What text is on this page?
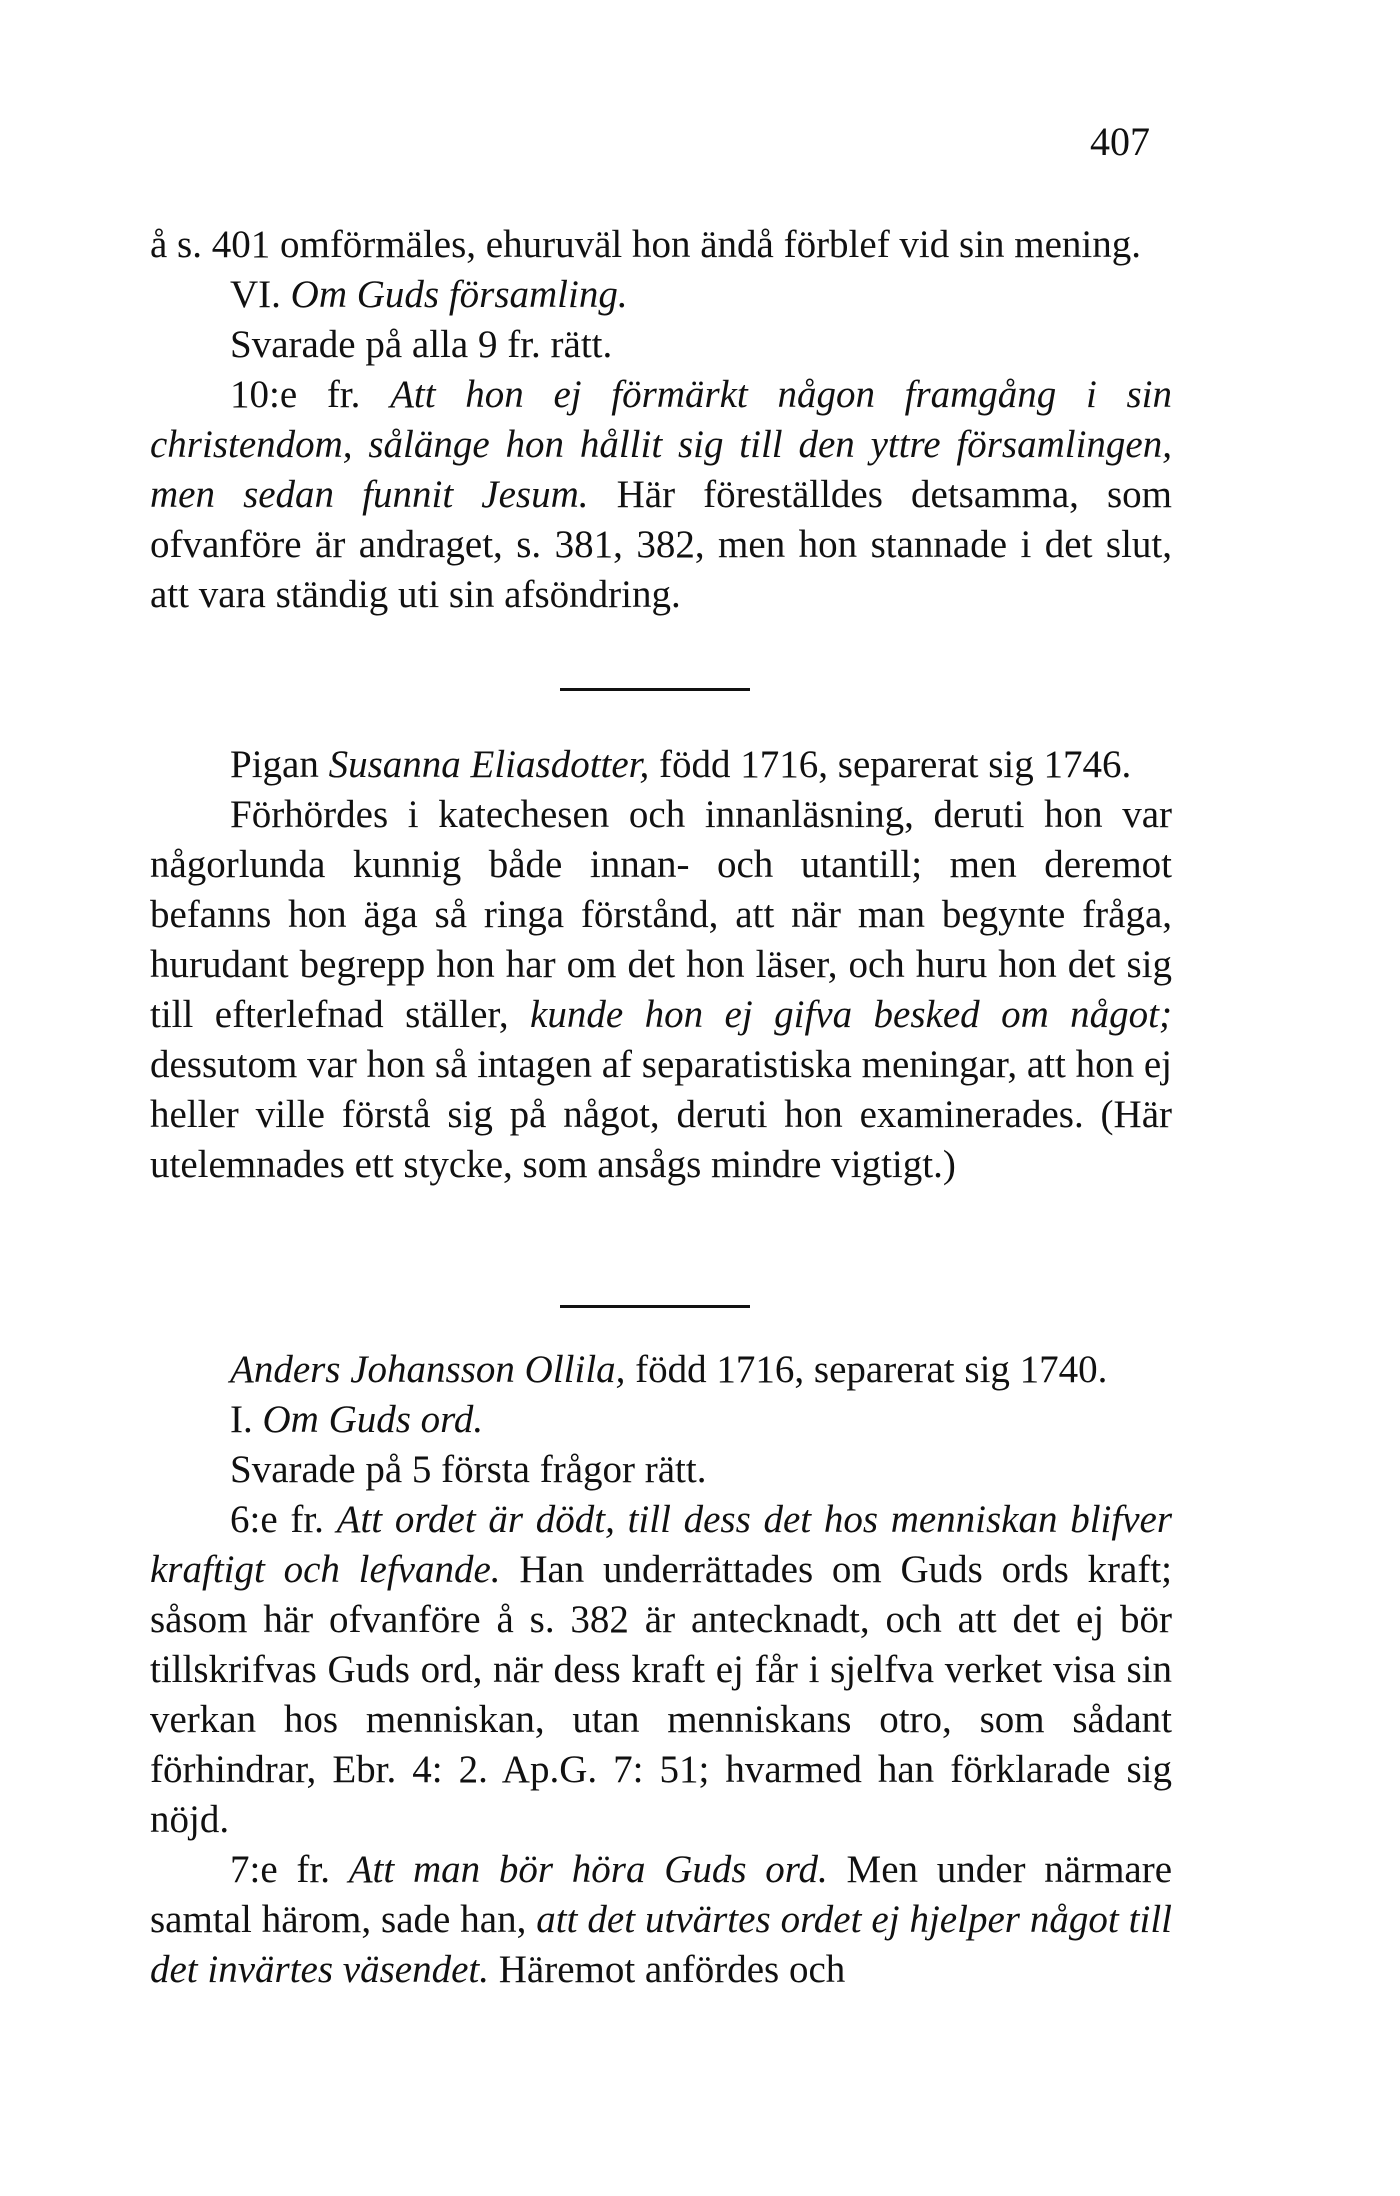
407

å s. 401 omförmäles, ehuruväl hon ändå förblef vid sin mening.

VI. Om Guds församling.

Svarade på alla 9 fr. rätt.

10:e fr. Att hon ej förmärkt någon framgång i sin christendom, sålänge hon hållit sig till den yttre församlingen, men sedan funnit Jesum. Här föreställdes detsamma, som ofvanföre är andraget, s. 381, 382, men hon stannade i det slut, att vara ständig uti sin afsöndring.

Pigan Susanna Eliasdotter, född 1716, separerat sig 1746.

Förhördes i katechesen och innanläsning, deruti hon var någorlunda kunnig både innan- och utantill; men deremot befanns hon äga så ringa förstånd, att när man begynte fråga, hurudant begrepp hon har om det hon läser, och huru hon det sig till efterlefnad ställer, kunde hon ej gifva besked om något; dessutom var hon så intagen af separatistiska meningar, att hon ej heller ville förstå sig på något, deruti hon examinerades. (Här utelemnades ett stycke, som ansågs mindre vigtigt.)

Anders Johansson Ollila, född 1716, separerat sig 1740.

I. Om Guds ord.

Svarade på 5 första frågor rätt.

6:e fr. Att ordet är dödt, till dess det hos menniskan blifver kraftigt och lefvande. Han underrättades om Guds ords kraft; såsom här ofvanföre å s. 382 är antecknadt, och att det ej bör tillskrifvas Guds ord, när dess kraft ej får i sjelfva verket visa sin verkan hos menniskan, utan menniskans otro, som sådant förhindrar, Ebr. 4: 2. Ap.G. 7: 51; hvarmed han förklarade sig nöjd.

7:e fr. Att man bör höra Guds ord. Men under närmare samtal härom, sade han, att det utvärtes ordet ej hjelper något till det invärtes väsendet. Häremot anfördes och
